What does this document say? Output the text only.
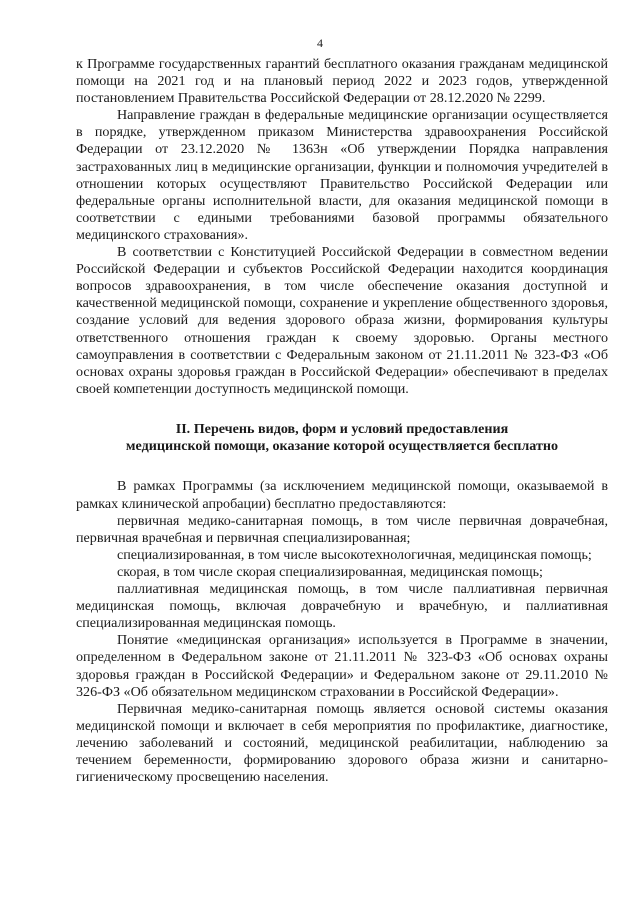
4

к Программе государственных гарантий бесплатного оказания гражданам медицинской помощи на 2021 год и на плановый период 2022 и 2023 годов, утвержденной постановлением Правительства Российской Федерации от 28.12.2020 № 2299.

Направление граждан в федеральные медицинские организации осуществляется в порядке, утвержденном приказом Министерства здравоохранения Российской Федерации от 23.12.2020 № 1363н «Об утверждении Порядка направления застрахованных лиц в медицинские организации, функции и полномочия учредителей в отношении которых осуществляют Правительство Российской Федерации или федеральные органы исполнительной власти, для оказания медицинской помощи в соответствии с едиными требованиями базовой программы обязательного медицинского страхования».

В соответствии с Конституцией Российской Федерации в совместном ведении Российской Федерации и субъектов Российской Федерации находится координация вопросов здравоохранения, в том числе обеспечение оказания доступной и качественной медицинской помощи, сохранение и укрепление общественного здоровья, создание условий для ведения здорового образа жизни, формирования культуры ответственного отношения граждан к своему здоровью. Органы местного самоуправления в соответствии с Федеральным законом от 21.11.2011 № 323-ФЗ «Об основах охраны здоровья граждан в Российской Федерации» обеспечивают в пределах своей компетенции доступность медицинской помощи.

II. Перечень видов, форм и условий предоставления
медицинской помощи, оказание которой осуществляется бесплатно

В рамках Программы (за исключением медицинской помощи, оказываемой в рамках клинической апробации) бесплатно предоставляются:

первичная медико-санитарная помощь, в том числе первичная доврачебная, первичная врачебная и первичная специализированная;

специализированная, в том числе высокотехнологичная, медицинская помощь;

скорая, в том числе скорая специализированная, медицинская помощь;

паллиативная медицинская помощь, в том числе паллиативная первичная медицинская помощь, включая доврачебную и врачебную, и паллиативная специализированная медицинская помощь.

Понятие «медицинская организация» используется в Программе в значении, определенном в Федеральном законе от 21.11.2011 № 323-ФЗ «Об основах охраны здоровья граждан в Российской Федерации» и Федеральном законе от 29.11.2010 № 326-ФЗ «Об обязательном медицинском страховании в Российской Федерации».

Первичная медико-санитарная помощь является основой системы оказания медицинской помощи и включает в себя мероприятия по профилактике, диагностике, лечению заболеваний и состояний, медицинской реабилитации, наблюдению за течением беременности, формированию здорового образа жизни и санитарно-гигиеническому просвещению населения.
